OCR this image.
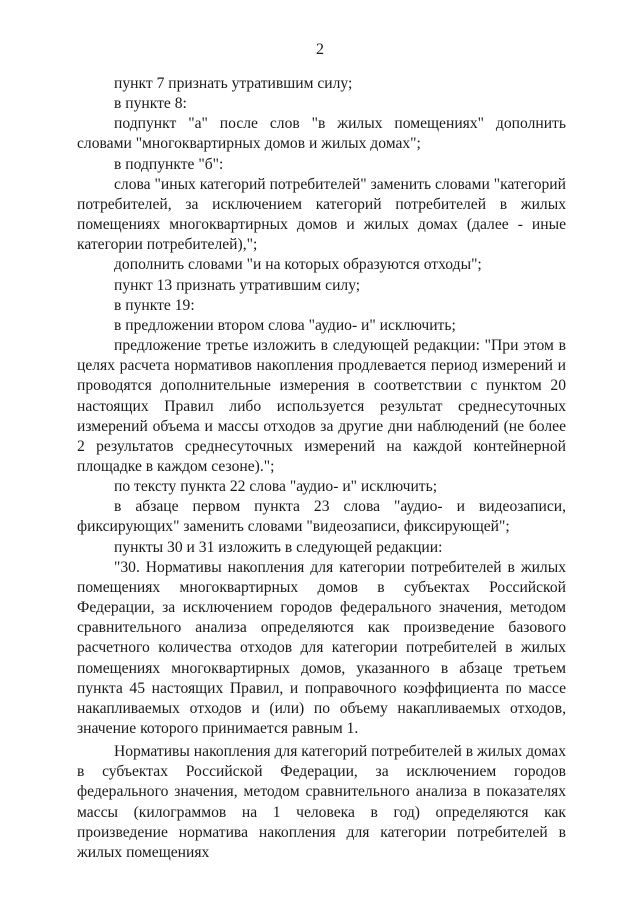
2

пункт 7 признать утратившим силу;

в пункте 8:

подпункт "а" после слов "в жилых помещениях" дополнить словами "многоквартирных домов и жилых домах";

в подпункте "б":

слова "иных категорий потребителей" заменить словами "категорий потребителей, за исключением категорий потребителей в жилых помещениях многоквартирных домов и жилых домах (далее - иные категории потребителей),";

дополнить словами "и на которых образуются отходы";

пункт 13 признать утратившим силу;

в пункте 19:

в предложении втором слова "аудио- и" исключить;

предложение третье изложить в следующей редакции: "При этом в целях расчета нормативов накопления продлевается период измерений и проводятся дополнительные измерения в соответствии с пунктом 20 настоящих Правил либо используется результат среднесуточных измерений объема и массы отходов за другие дни наблюдений (не более 2 результатов среднесуточных измерений на каждой контейнерной площадке в каждом сезоне).";

по тексту пункта 22 слова "аудио- и" исключить;

в абзаце первом пункта 23 слова "аудио- и видеозаписи, фиксирующих" заменить словами "видеозаписи, фиксирующей";

пункты 30 и 31 изложить в следующей редакции:

"30. Нормативы накопления для категории потребителей в жилых помещениях многоквартирных домов в субъектах Российской Федерации, за исключением городов федерального значения, методом сравнительного анализа определяются как произведение базового расчетного количества отходов для категории потребителей в жилых помещениях многоквартирных домов, указанного в абзаце третьем пункта 45 настоящих Правил, и поправочного коэффициента по массе накапливаемых отходов и (или) по объему накапливаемых отходов, значение которого принимается равным 1.

Нормативы накопления для категорий потребителей в жилых домах в субъектах Российской Федерации, за исключением городов федерального значения, методом сравнительного анализа в показателях массы (килограммов на 1 человека в год) определяются как произведение норматива накопления для категории потребителей в жилых помещениях
